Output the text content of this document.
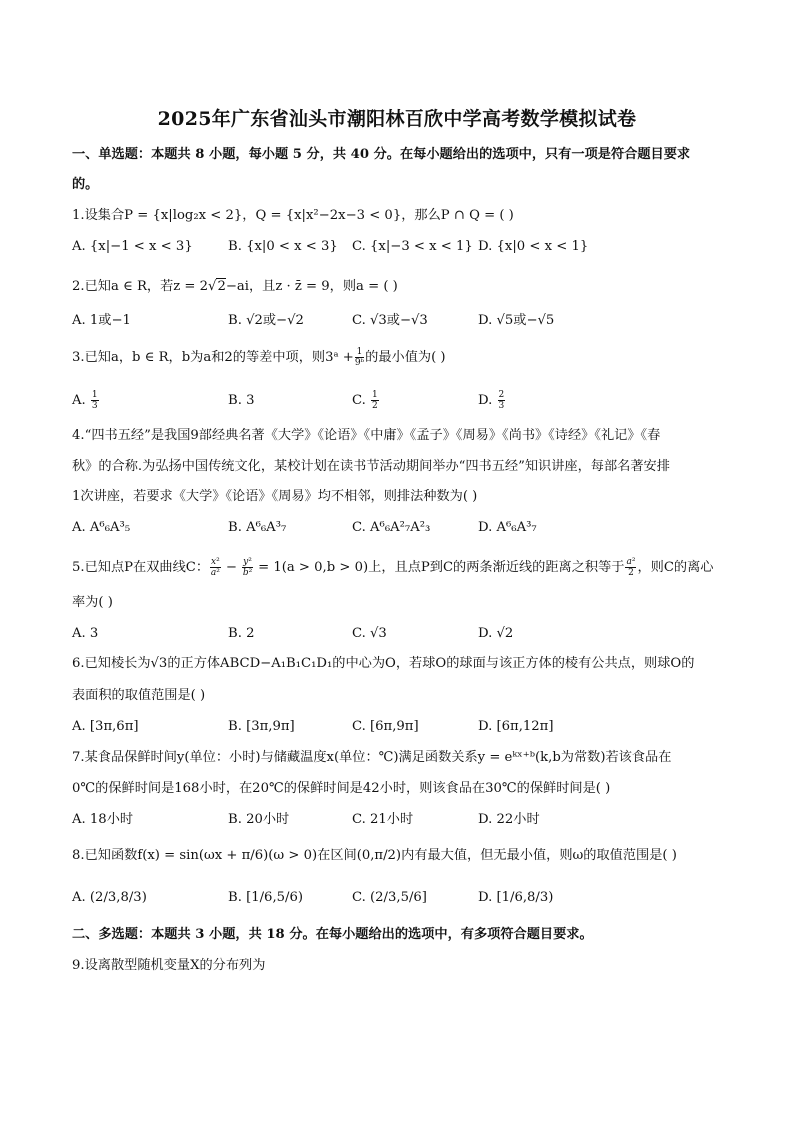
2025年广东省汕头市潮阳林百欣中学高考数学模拟试卷
一、单选题：本题共 8 小题，每小题 5 分，共 40 分。在每小题给出的选项中，只有一项是符合题目要求
的。
1.设集合P = {x|log₂x < 2}，Q = {x|x²−2x−3 < 0}，那么P ∩ Q = ( )
A. {x|−1 < x < 3}	B. {x|0 < x < 3} C. {x|−3 < x < 1} D. {x|0 < x < 1}
2.已知a ∈ R，若z = 2√2−ai，且z · z̄ = 9，则a = ( )
A. 1或−1	B. √2或−√2	C. √3或−√3	D. √5或−√5
3.已知a，b ∈ R，b为a和2的等差中项，则3ᵃ + $\frac{1}{\text{9ᵇ}}$ 的最小值为( )
A. $\frac{1}{3}$	B. 3	C. $\frac{1}{2}$	D. $\frac{2}{3}$
4.“四书五经”是我国9部经典名著《大学》《论语》《中庸》《孟子》《周易》《尚书》《诗经》《礼记》《春
秋》的合称.为弘扬中国传统文化，某校计划在读书节活动期间举办“四书五经”知识讲座，每部名著安排
1次讲座，若要求《大学》《论语》《周易》均不相邻，则排法种数为( )
A. A⁶₆A³₅	B. A⁶₆A³₇	C. A⁶₆A²₇A²₃	D. A⁶₆A³₇
5.已知点P在双曲线C： $\frac{\text{x²}}{\text{a²}} - \frac{\text{y²}}{\text{b²}} = 1(a > 0,b > 0)$上，且点P到C的两条渐近线的距离之积等于 $\frac{\text{a²}}{2}$ ，则C的离心
率为( )
A. 3	B. 2	C. √3	D. √2
6.已知棱长为√3的正方体ABCD−A₁B₁C₁D₁的中心为O，若球O的球面与该正方体的棱有公共点，则球O的
表面积的取值范围是( )
A. [3π,6π]	B. [3π,9π]	C. [6π,9π]	D. [6π,12π]
7.某食品保鲜时间y(单位：小时)与储藏温度x(单位：℃)满足函数关系y = eᵏˣ⁺ᵇ(k,b为常数)若该食品在
0℃的保鲜时间是168小时，在20℃的保鲜时间是42小时，则该食品在30℃的保鲜时间是( )
A. 18小时	B. 20小时	C. 21小时	D. 22小时
8.已知函数f(x) = sin(ωx + π/6)(ω > 0)在区间(0,π/2)内有最大值，但无最小值，则ω的取值范围是( )
A. (2/3,8/3)	B. [1/6,5/6)	C. (2/3,5/6]	D. [1/6,8/3)
二、多选题：本题共 3 小题，共 18 分。在每小题给出的选项中，有多项符合题目要求。
9.设离散型随机变量X的分布列为
